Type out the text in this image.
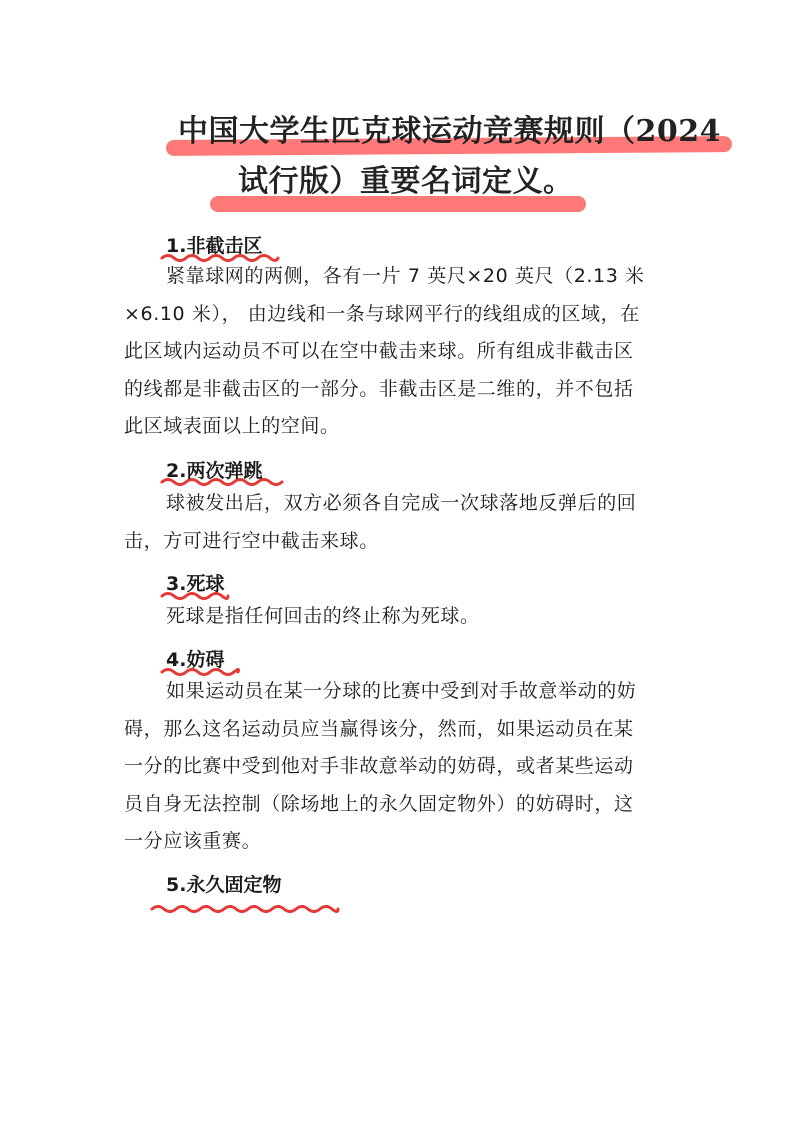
中国大学生匹克球运动竞赛规则（2024
试行版）重要名词定义。
1.非截击区
紧靠球网的两侧，各有一片 7 英尺×20 英尺（2.13 米
×6.10 米）， 由边线和一条与球网平行的线组成的区域，在
此区域内运动员不可以在空中截击来球。所有组成非截击区
的线都是非截击区的一部分。非截击区是二维的，并不包括
此区域表面以上的空间。
2.两次弹跳
球被发出后，双方必须各自完成一次球落地反弹后的回
击，方可进行空中截击来球。
3.死球
死球是指任何回击的终止称为死球。
4.妨碍
如果运动员在某一分球的比赛中受到对手故意举动的妨
碍，那么这名运动员应当赢得该分，然而，如果运动员在某
一分的比赛中受到他对手非故意举动的妨碍，或者某些运动
员自身无法控制（除场地上的永久固定物外）的妨碍时，这
一分应该重赛。
5.永久固定物
